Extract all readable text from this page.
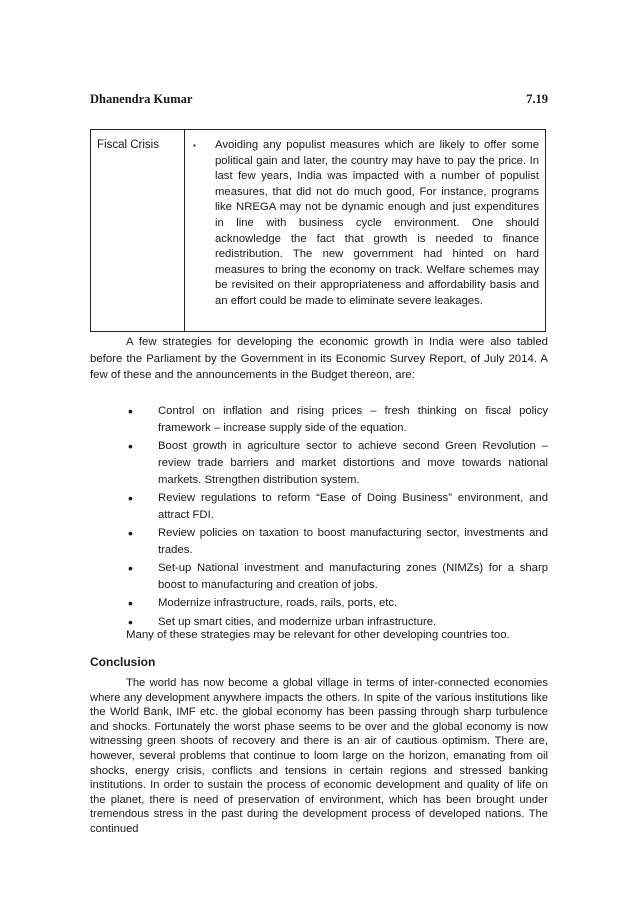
Dhanendra Kumar	7.19
Fiscal Crisis	▪	Avoiding any populist measures which are likely to offer some political gain and later, the country may have to pay the price. In last few years, India was impacted with a number of populist measures, that did not do much good, For instance, programs like NREGA may not be dynamic enough and just expenditures in line with business cycle environment. One should acknowledge the fact that growth is needed to finance redistribution. The new government had hinted on hard measures to bring the economy on track. Welfare schemes may be revisited on their appropriateness and affordability basis and an effort could be made to eliminate severe leakages.

A few strategies for developing the economic growth in India were also tabled before the Parliament by the Government in its Economic Survey Report, of July 2014. A few of these and the announcements in the Budget thereon, are:

•	Control on inflation and rising prices – fresh thinking on fiscal policy framework – increase supply side of the equation.
•	Boost growth in agriculture sector to achieve second Green Revolution – review trade barriers and market distortions and move towards national markets. Strengthen distribution system.
•	Review regulations to reform “Ease of Doing Business” environment, and attract FDI.
•	Review policies on taxation to boost manufacturing sector, investments and trades.
•	Set-up National investment and manufacturing zones (NIMZs) for a sharp boost to manufacturing and creation of jobs.
•	Modernize infrastructure, roads, rails, ports, etc.
•	Set up smart cities, and modernize urban infrastructure.

Many of these strategies may be relevant for other developing countries too.

Conclusion

The world has now become a global village in terms of inter-connected economies where any development anywhere impacts the others. In spite of the various institutions like the World Bank, IMF etc. the global economy has been passing through sharp turbulence and shocks. Fortunately the worst phase seems to be over and the global economy is now witnessing green shoots of recovery and there is an air of cautious optimism. There are, however, several problems that continue to loom large on the horizon, emanating from oil shocks, energy crisis, conflicts and tensions in certain regions and stressed banking institutions. In order to sustain the process of economic development and quality of life on the planet, there is need of preservation of environment, which has been brought under tremendous stress in the past during the development process of developed nations. The continued
